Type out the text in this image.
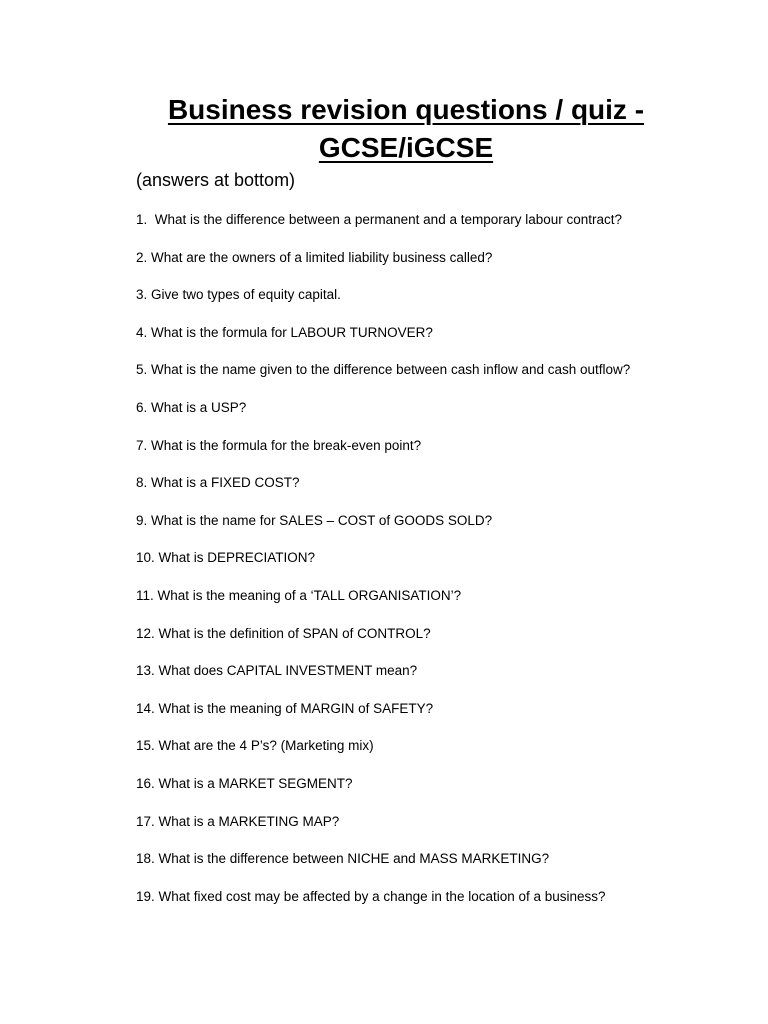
Business revision questions / quiz -
GCSE/iGCSE
(answers at bottom)
1.  What is the difference between a permanent and a temporary labour contract?
2. What are the owners of a limited liability business called?
3. Give two types of equity capital.
4. What is the formula for LABOUR TURNOVER?
5. What is the name given to the difference between cash inflow and cash outflow?
6. What is a USP?
7. What is the formula for the break-even point?
8. What is a FIXED COST?
9. What is the name for SALES – COST of GOODS SOLD?
10. What is DEPRECIATION?
11. What is the meaning of a ‘TALL ORGANISATION’?
12. What is the definition of SPAN of CONTROL?
13. What does CAPITAL INVESTMENT mean?
14. What is the meaning of MARGIN of SAFETY?
15. What are the 4 P’s? (Marketing mix)
16. What is a MARKET SEGMENT?
17. What is a MARKETING MAP?
18. What is the difference between NICHE and MASS MARKETING?
19. What fixed cost may be affected by a change in the location of a business?
